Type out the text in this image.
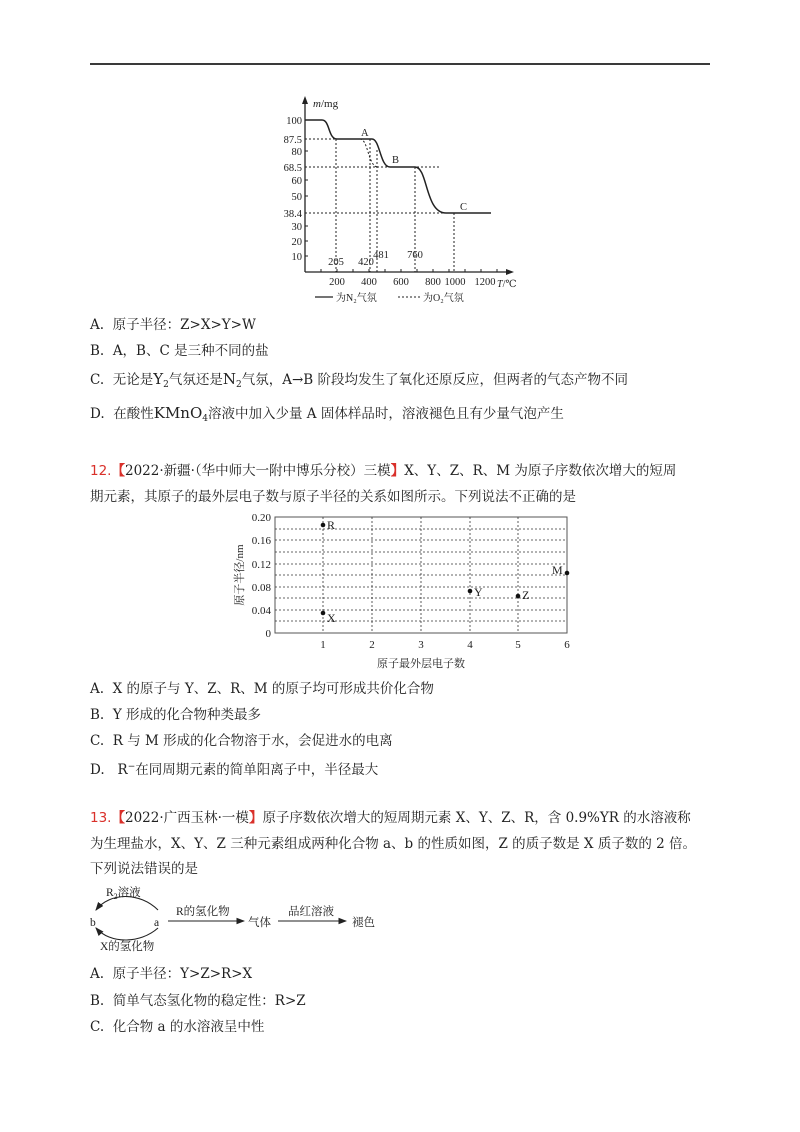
m/mg
T/℃
100
87.5
80
68.5
60
50
38.4
30
20
10
200 400 600 800 1000 1200
A
B
C
205 420
481 760
为N₂气氛	为O₂气氛
A. 原子半径：Z>X>Y>W
B. A，B、C 是三种不同的盐
C. 无论是$Y_2$气氛还是$N_2$气氛，A→B 阶段均发生了氧化还原反应，但两者的气态产物不同
D. 在酸性KMnO$_4$溶液中加入少量 A 固体样品时，溶液褪色且有少量气泡产生
12.【2022·新疆·（华中师大一附中博乐分校）三模】X、Y、Z、R、M 为原子序数依次增大的短周
期元素，其原子的最外层电子数与原子半径的关系如图所示。下列说法不正确的是
0.20
0.16
0.12
0.08
0.04
0
1	2	3	4	5	6
原子半径/nm
原子最外层电子数
R
X
Y	Z
M
A. X 的原子与 Y、Z、R、M 的原子均可形成共价化合物
B. Y 形成的化合物种类最多
C. R 与 M 形成的化合物溶于水，会促进水的电离
D. R−在同周期元素的简单阳离子中，半径最大
13.【2022·广西玉林·一模】原子序数依次增大的短周期元素 X、Y、Z、R，含 0.9%YR 的水溶液称
为生理盐水，X、Y、Z 三种元素组成两种化合物 a、b 的性质如图，Z 的质子数是 X 质子数的 2 倍。
下列说法错误的是
$R_2$溶液
b	a
X的氢化物
R的氢化物
气体
品红溶液
褪色
A. 原子半径：Y>Z>R>X
B. 简单气态氢化物的稳定性：R>Z
C. 化合物 a 的水溶液呈中性
